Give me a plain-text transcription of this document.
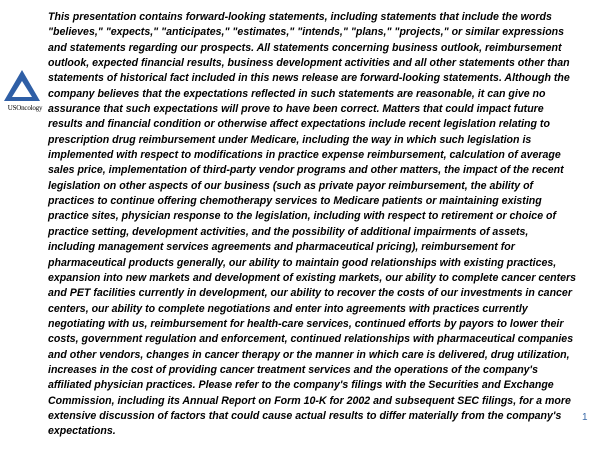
USOncology

This presentation contains forward-looking statements, including statements that include the words "believes," "expects," "anticipates," "estimates," "intends," "plans," "projects," or similar expressions and statements regarding our prospects. All statements concerning business outlook, reimbursement outlook, expected financial results, business development activities and all other statements other than statements of historical fact included in this news release are forward-looking statements. Although the company believes that the expectations reflected in such statements are reasonable, it can give no assurance that such expectations will prove to have been correct. Matters that could impact future results and financial condition or otherwise affect expectations include recent legislation relating to prescription drug reimbursement under Medicare, including the way in which such legislation is implemented with respect to modifications in practice expense reimbursement, calculation of average sales price, implementation of third-party vendor programs and other matters, the impact of the recent legislation on other aspects of our business (such as private payor reimbursement, the ability of practices to continue offering chemotherapy services to Medicare patients or maintaining existing practice sites, physician response to the legislation, including with respect to retirement or choice of practice setting, development activities, and the possibility of additional impairments of assets, including management services agreements and pharmaceutical pricing), reimbursement for pharmaceutical products generally, our ability to maintain good relationships with existing practices, expansion into new markets and development of existing markets, our ability to complete cancer centers and PET facilities currently in development, our ability to recover the costs of our investments in cancer centers, our ability to complete negotiations and enter into agreements with practices currently negotiating with us, reimbursement for health-care services, continued efforts by payors to lower their costs, government regulation and enforcement, continued relationships with pharmaceutical companies and other vendors, changes in cancer therapy or the manner in which care is delivered, drug utilization, increases in the cost of providing cancer treatment services and the operations of the company's affiliated physician practices. Please refer to the company's filings with the Securities and Exchange Commission, including its Annual Report on Form 10-K for 2002 and subsequent SEC filings, for a more extensive discussion of factors that could cause actual results to differ materially from the company's expectations.

1
